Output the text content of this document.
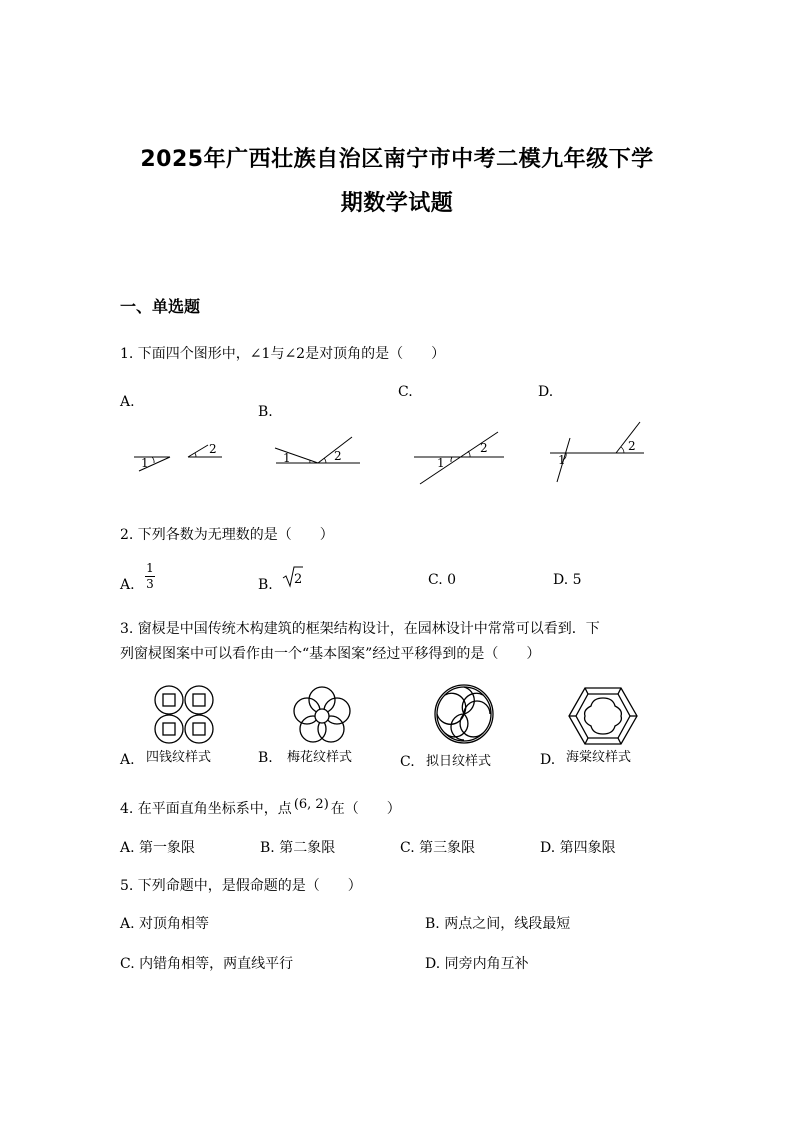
2025年广西壮族自治区南宁市中考二模九年级下学
期数学试题
一、单选题
1. 下面四个图形中，∠1与∠2是对顶角的是（　　）
A.
B.
C.	D.
1
2
1	2	1
2
1
2
2. 下列各数为无理数的是（　　）
A.
1
3	B. 2	C. 0	D. 5
3. 窗棂是中国传统木构建筑的框架结构设计，在园林设计中常常可以看到．下
列窗棂图案中可以看作由一个“基本图案”经过平移得到的是（　　）
A. 四钱纹样式	B. 梅花纹样式	C. 拟日纹样式	D. 海棠纹样式
4. 在平面直角坐标系中，点 (6, 2) 在（　　）
A. 第一象限	B. 第二象限	C. 第三象限	D. 第四象限
5. 下列命题中，是假命题的是（　　）
A. 对顶角相等	B. 两点之间，线段最短
C. 内错角相等，两直线平行	D. 同旁内角互补
